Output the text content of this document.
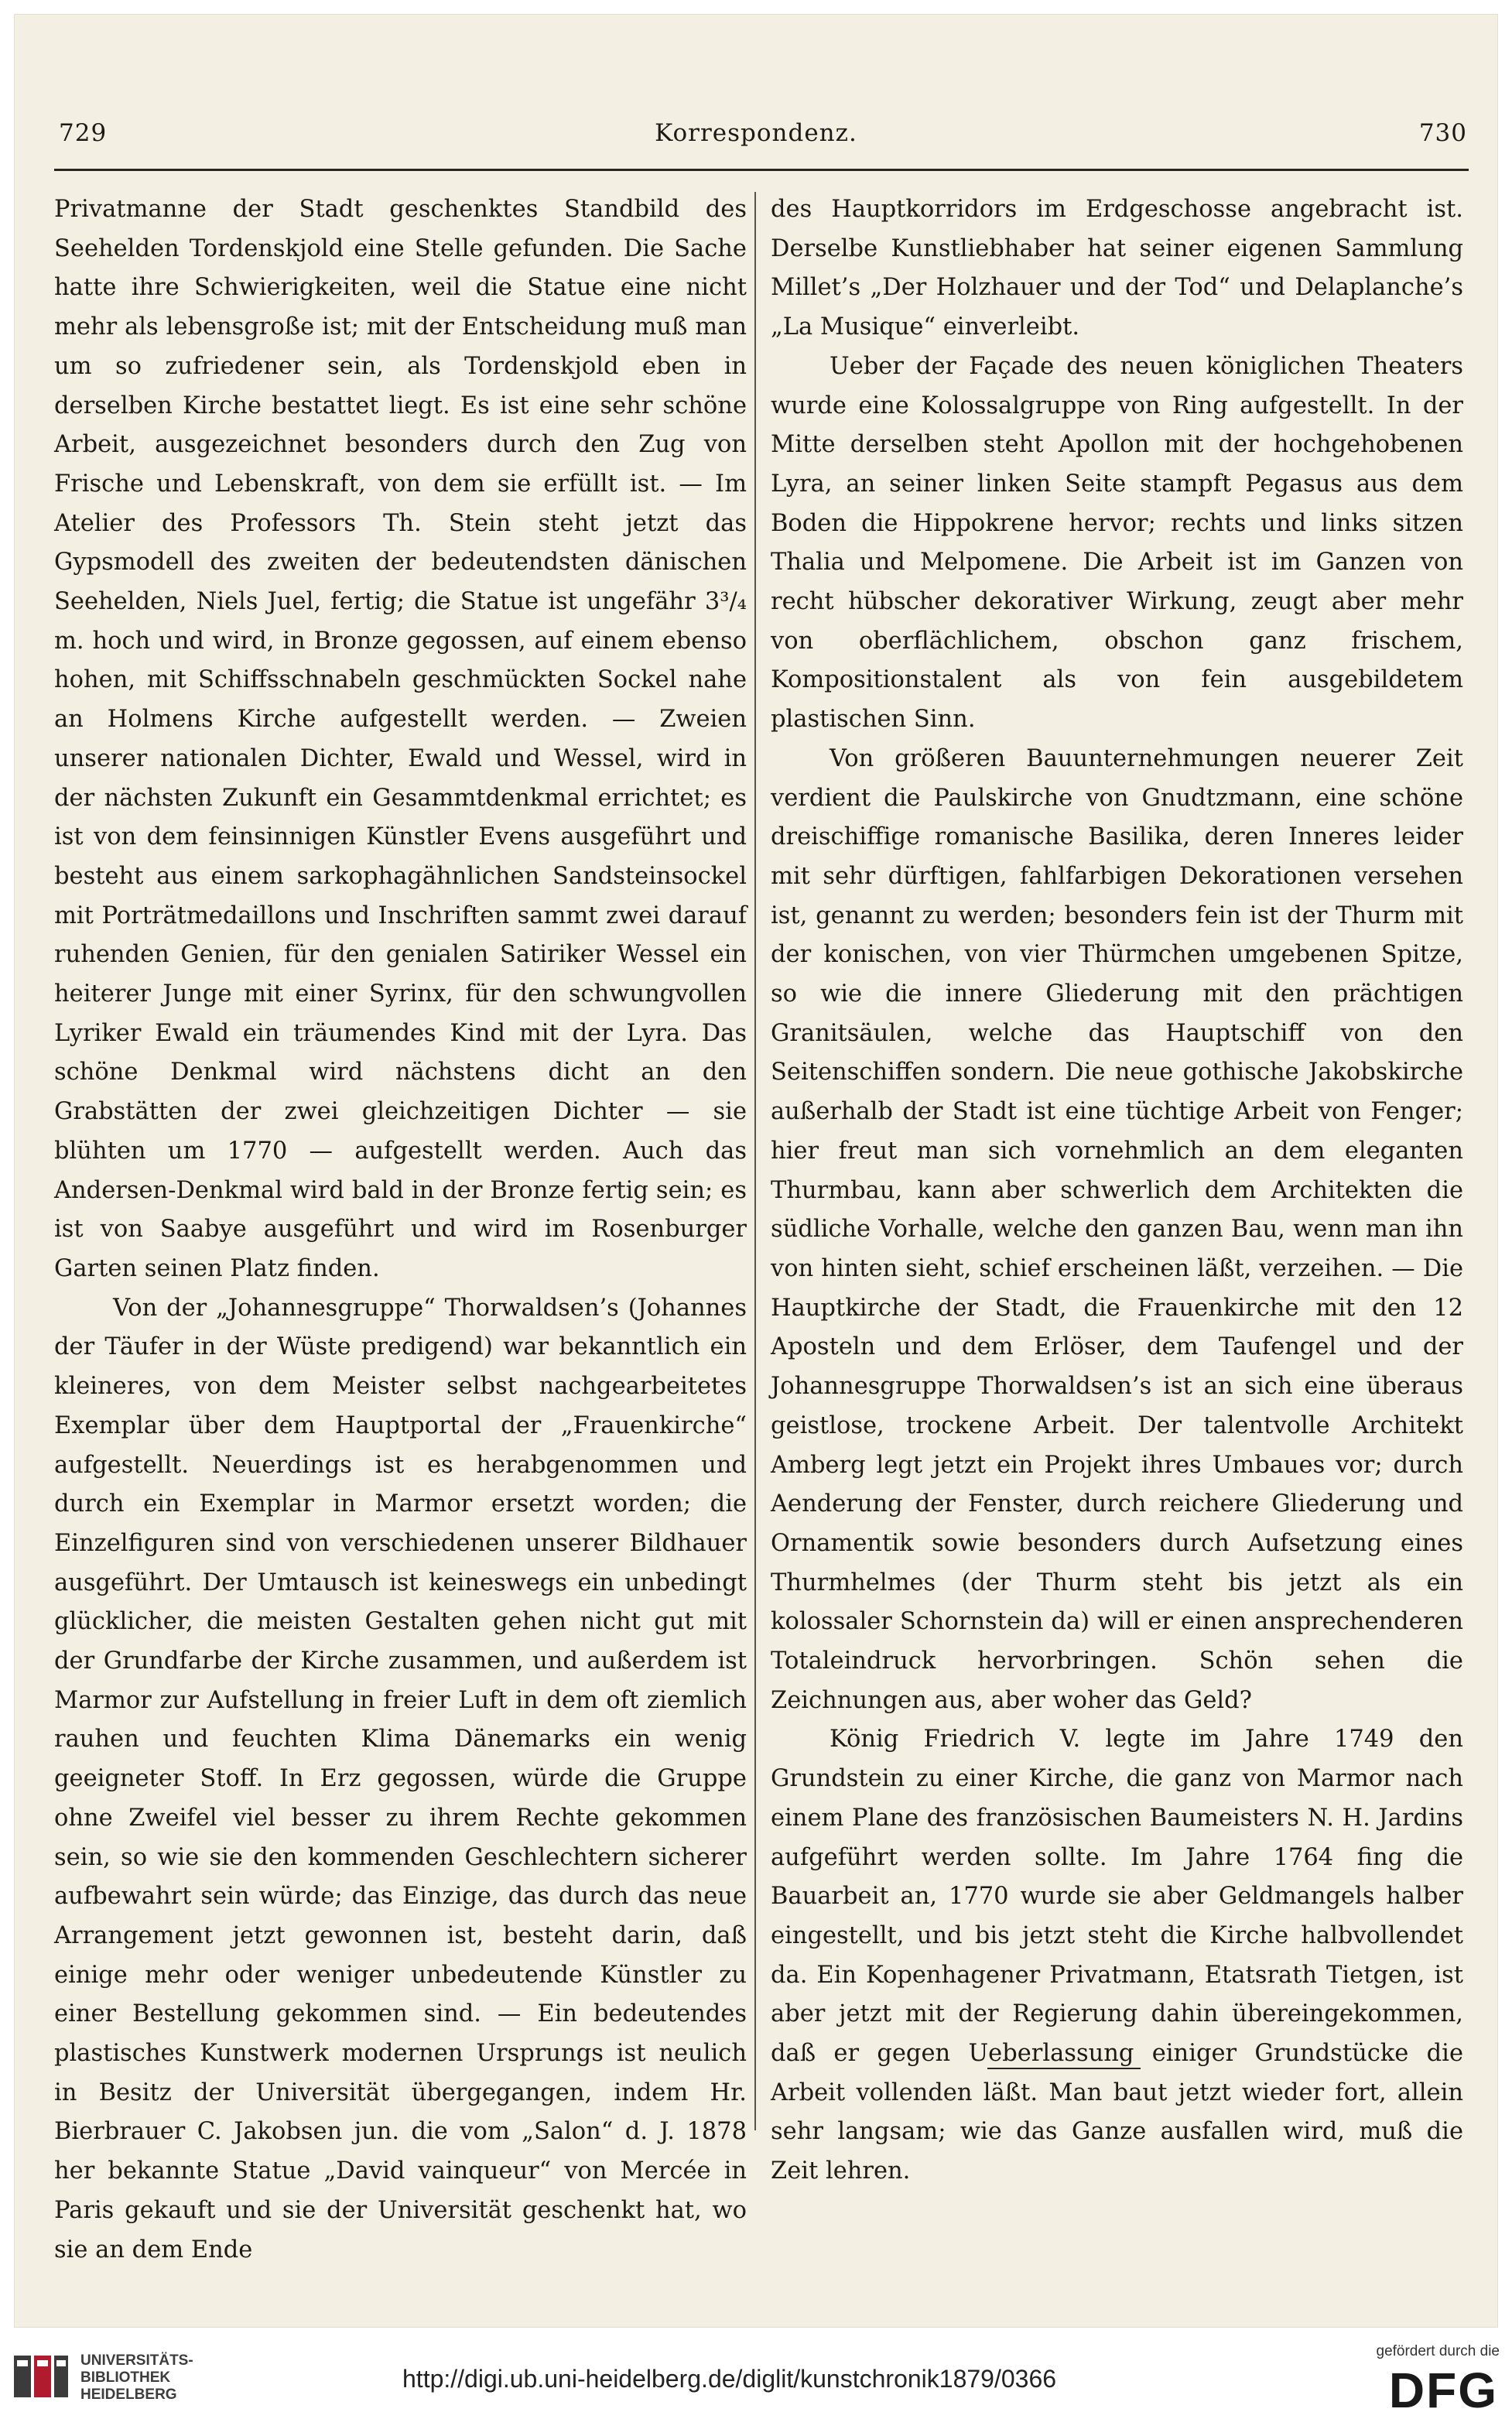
729	Korrespondenz.	730

Privatmanne der Stadt geschenktes Standbild des Seehelden Tordenskjold eine Stelle gefunden. Die Sache hatte ihre Schwierigkeiten, weil die Statue eine nicht mehr als lebensgroße ist; mit der Entscheidung muß man um so zufriedener sein, als Tordenskjold eben in derselben Kirche bestattet liegt. Es ist eine sehr schöne Arbeit, ausgezeichnet besonders durch den Zug von Frische und Lebenskraft, von dem sie erfüllt ist. — Im Atelier des Professors Th. Stein steht jetzt das Gypsmodell des zweiten der bedeutendsten dänischen Seehelden, Niels Juel, fertig; die Statue ist ungefähr 3³/₄ m. hoch und wird, in Bronze gegossen, auf einem ebenso hohen, mit Schiffsschnabeln geschmückten Sockel nahe an Holmens Kirche aufgestellt werden. — Zweien unserer nationalen Dichter, Ewald und Wessel, wird in der nächsten Zukunft ein Gesammtdenkmal errichtet; es ist von dem feinsinnigen Künstler Evens ausgeführt und besteht aus einem sarkophagähnlichen Sandsteinsockel mit Porträtmedaillons und Inschriften sammt zwei darauf ruhenden Genien, für den genialen Satiriker Wessel ein heiterer Junge mit einer Syrinx, für den schwungvollen Lyriker Ewald ein träumendes Kind mit der Lyra. Das schöne Denkmal wird nächstens dicht an den Grabstätten der zwei gleichzeitigen Dichter — sie blühten um 1770 — aufgestellt werden. Auch das Andersen-Denkmal wird bald in der Bronze fertig sein; es ist von Saabye ausgeführt und wird im Rosenburger Garten seinen Platz finden.

Von der „Johannesgruppe“ Thorwaldsen’s (Johannes der Täufer in der Wüste predigend) war bekanntlich ein kleineres, von dem Meister selbst nachgearbeitetes Exemplar über dem Hauptportal der „Frauenkirche“ aufgestellt. Neuerdings ist es herabgenommen und durch ein Exemplar in Marmor ersetzt worden; die Einzelfiguren sind von verschiedenen unserer Bildhauer ausgeführt. Der Umtausch ist keineswegs ein unbedingt glücklicher, die meisten Gestalten gehen nicht gut mit der Grundfarbe der Kirche zusammen, und außerdem ist Marmor zur Aufstellung in freier Luft in dem oft ziemlich rauhen und feuchten Klima Dänemarks ein wenig geeigneter Stoff. In Erz gegossen, würde die Gruppe ohne Zweifel viel besser zu ihrem Rechte gekommen sein, so wie sie den kommenden Geschlechtern sicherer aufbewahrt sein würde; das Einzige, das durch das neue Arrangement jetzt gewonnen ist, besteht darin, daß einige mehr oder weniger unbedeutende Künstler zu einer Bestellung gekommen sind. — Ein bedeutendes plastisches Kunstwerk modernen Ursprungs ist neulich in Besitz der Universität übergegangen, indem Hr. Bierbrauer C. Jakobsen jun. die vom „Salon“ d. J. 1878 her bekannte Statue „David vainqueur“ von Mercée in Paris gekauft und sie der Universität geschenkt hat, wo sie an dem Ende

des Hauptkorridors im Erdgeschosse angebracht ist. Derselbe Kunstliebhaber hat seiner eigenen Sammlung Millet’s „Der Holzhauer und der Tod“ und Delaplanche’s „La Musique“ einverleibt.

Ueber der Façade des neuen königlichen Theaters wurde eine Kolossalgruppe von Ring aufgestellt. In der Mitte derselben steht Apollon mit der hochgehobenen Lyra, an seiner linken Seite stampft Pegasus aus dem Boden die Hippokrene hervor; rechts und links sitzen Thalia und Melpomene. Die Arbeit ist im Ganzen von recht hübscher dekorativer Wirkung, zeugt aber mehr von oberflächlichem, obschon ganz frischem, Kompositionstalent als von fein ausgebildetem plastischen Sinn.

Von größeren Bauunternehmungen neuerer Zeit verdient die Paulskirche von Gnudtzmann, eine schöne dreischiffige romanische Basilika, deren Inneres leider mit sehr dürftigen, fahlfarbigen Dekorationen versehen ist, genannt zu werden; besonders fein ist der Thurm mit der konischen, von vier Thürmchen umgebenen Spitze, so wie die innere Gliederung mit den prächtigen Granitsäulen, welche das Hauptschiff von den Seitenschiffen sondern. Die neue gothische Jakobskirche außerhalb der Stadt ist eine tüchtige Arbeit von Fenger; hier freut man sich vornehmlich an dem eleganten Thurmbau, kann aber schwerlich dem Architekten die südliche Vorhalle, welche den ganzen Bau, wenn man ihn von hinten sieht, schief erscheinen läßt, verzeihen. — Die Hauptkirche der Stadt, die Frauenkirche mit den 12 Aposteln und dem Erlöser, dem Taufengel und der Johannesgruppe Thorwaldsen’s ist an sich eine überaus geistlose, trockene Arbeit. Der talentvolle Architekt Amberg legt jetzt ein Projekt ihres Umbaues vor; durch Aenderung der Fenster, durch reichere Gliederung und Ornamentik sowie besonders durch Aufsetzung eines Thurmhelmes (der Thurm steht bis jetzt als ein kolossaler Schornstein da) will er einen ansprechenderen Totaleindruck hervorbringen. Schön sehen die Zeichnungen aus, aber woher das Geld?

König Friedrich V. legte im Jahre 1749 den Grundstein zu einer Kirche, die ganz von Marmor nach einem Plane des französischen Baumeisters N. H. Jardins aufgeführt werden sollte. Im Jahre 1764 fing die Bauarbeit an, 1770 wurde sie aber Geldmangels halber eingestellt, und bis jetzt steht die Kirche halbvollendet da. Ein Kopenhagener Privatmann, Etatsrath Tietgen, ist aber jetzt mit der Regierung dahin übereingekommen, daß er gegen Ueberlassung einiger Grundstücke die Arbeit vollenden läßt. Man baut jetzt wieder fort, allein sehr langsam; wie das Ganze ausfallen wird, muß die Zeit lehren.

UNIVERSITÄTS-
BIBLIOTHEK
HEIDELBERG
http://digi.ub.uni-heidelberg.de/diglit/kunstchronik1879/0366
gefördert durch die
DFG
